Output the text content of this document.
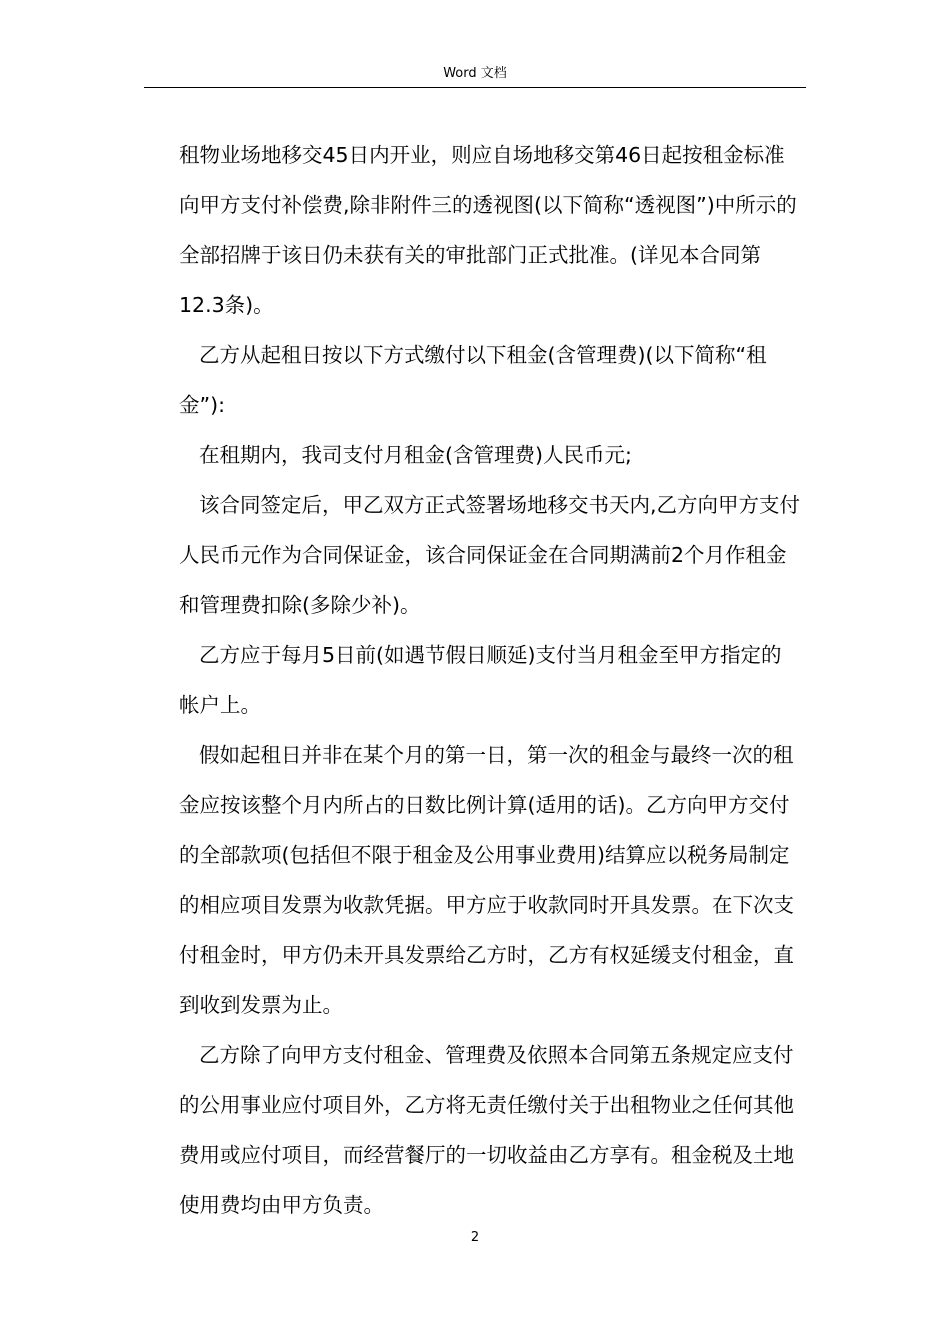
Word 文档

租物业场地移交45日内开业，则应自场地移交第46日起按租金标准向甲方支付补偿费,除非附件三的透视图(以下简称“透视图”)中所示的全部招牌于该日仍未获有关的审批部门正式批准。(详见本合同第12.3条)。

乙方从起租日按以下方式缴付以下租金(含管理费)(以下简称“租金”):

在租期内，我司支付月租金(含管理费)人民币元;

该合同签定后，甲乙双方正式签署场地移交书天内,乙方向甲方支付人民币元作为合同保证金，该合同保证金在合同期满前2个月作租金和管理费扣除(多除少补)。

乙方应于每月5日前(如遇节假日顺延)支付当月租金至甲方指定的帐户上。

假如起租日并非在某个月的第一日，第一次的租金与最终一次的租金应按该整个月内所占的日数比例计算(适用的话)。乙方向甲方交付的全部款项(包括但不限于租金及公用事业费用)结算应以税务局制定的相应项目发票为收款凭据。甲方应于收款同时开具发票。在下次支付租金时，甲方仍未开具发票给乙方时，乙方有权延缓支付租金，直到收到发票为止。

乙方除了向甲方支付租金、管理费及依照本合同第五条规定应支付的公用事业应付项目外，乙方将无责任缴付关于出租物业之任何其他费用或应付项目，而经营餐厅的一切收益由乙方享有。租金税及土地使用费均由甲方负责。

2
